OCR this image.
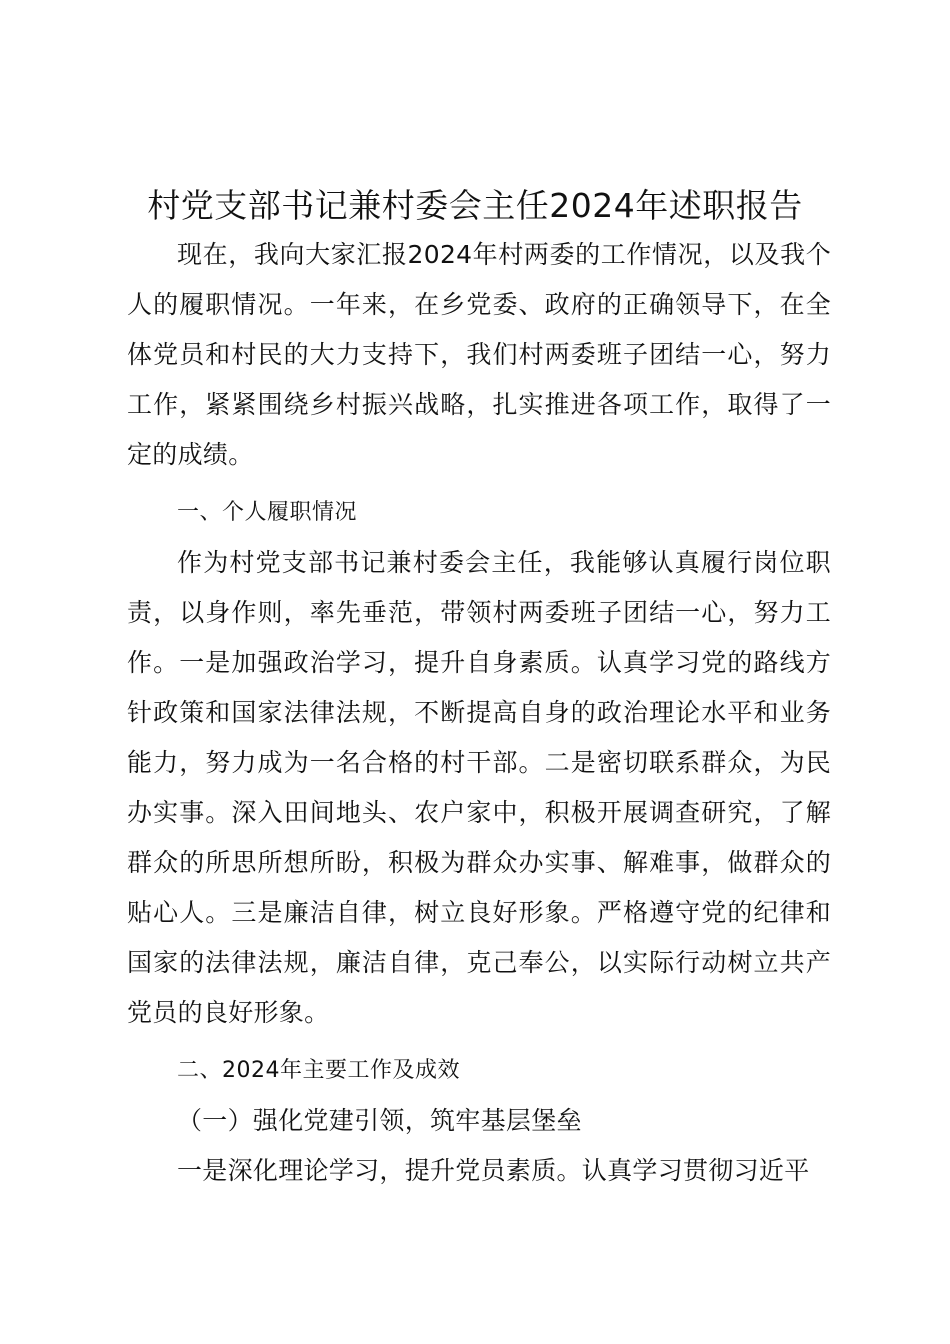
村党支部书记兼村委会主任2024年述职报告

现在，我向大家汇报2024年村两委的工作情况，以及我个人的履职情况。一年来，在乡党委、政府的正确领导下，在全体党员和村民的大力支持下，我们村两委班子团结一心，努力工作，紧紧围绕乡村振兴战略，扎实推进各项工作，取得了一定的成绩。

一、个人履职情况

作为村党支部书记兼村委会主任，我能够认真履行岗位职责，以身作则，率先垂范，带领村两委班子团结一心，努力工作。一是加强政治学习，提升自身素质。认真学习党的路线方针政策和国家法律法规，不断提高自身的政治理论水平和业务能力，努力成为一名合格的村干部。二是密切联系群众，为民办实事。深入田间地头、农户家中，积极开展调查研究，了解群众的所思所想所盼，积极为群众办实事、解难事，做群众的贴心人。三是廉洁自律，树立良好形象。严格遵守党的纪律和国家的法律法规，廉洁自律，克己奉公，以实际行动树立共产党员的良好形象。

二、2024年主要工作及成效

（一）强化党建引领，筑牢基层堡垒

一是深化理论学习，提升党员素质。认真学习贯彻习近平
